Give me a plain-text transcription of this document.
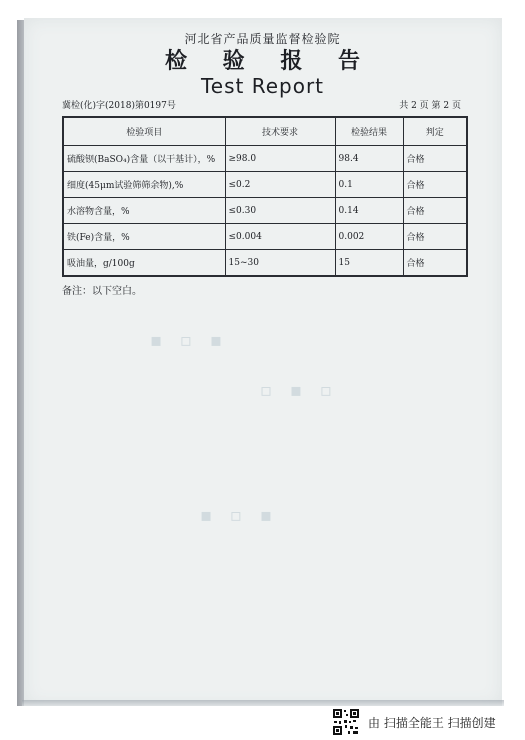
▪ ▫ ▪
▫ ▪ ▫
▪ ▫ ▪
河北省产品质量监督检验院
检 验 报 告
Test Report
冀检(化)字(2018)第0197号	共 2 页 第 2 页
检验项目	技术要求	检验结果	判定
硫酸钡(BaSO₄)含量（以干基计），%	≥98.0	98.4	合格
细度(45μm试验筛筛余物),%	≤0.2	0.1	合格
水溶物含量，%	≤0.30	0.14	合格
铁(Fe)含量，%	≤0.004	0.002	合格
吸油量，g/100g	15~30	15	合格
备注：以下空白。
由 扫描全能王 扫描创建
